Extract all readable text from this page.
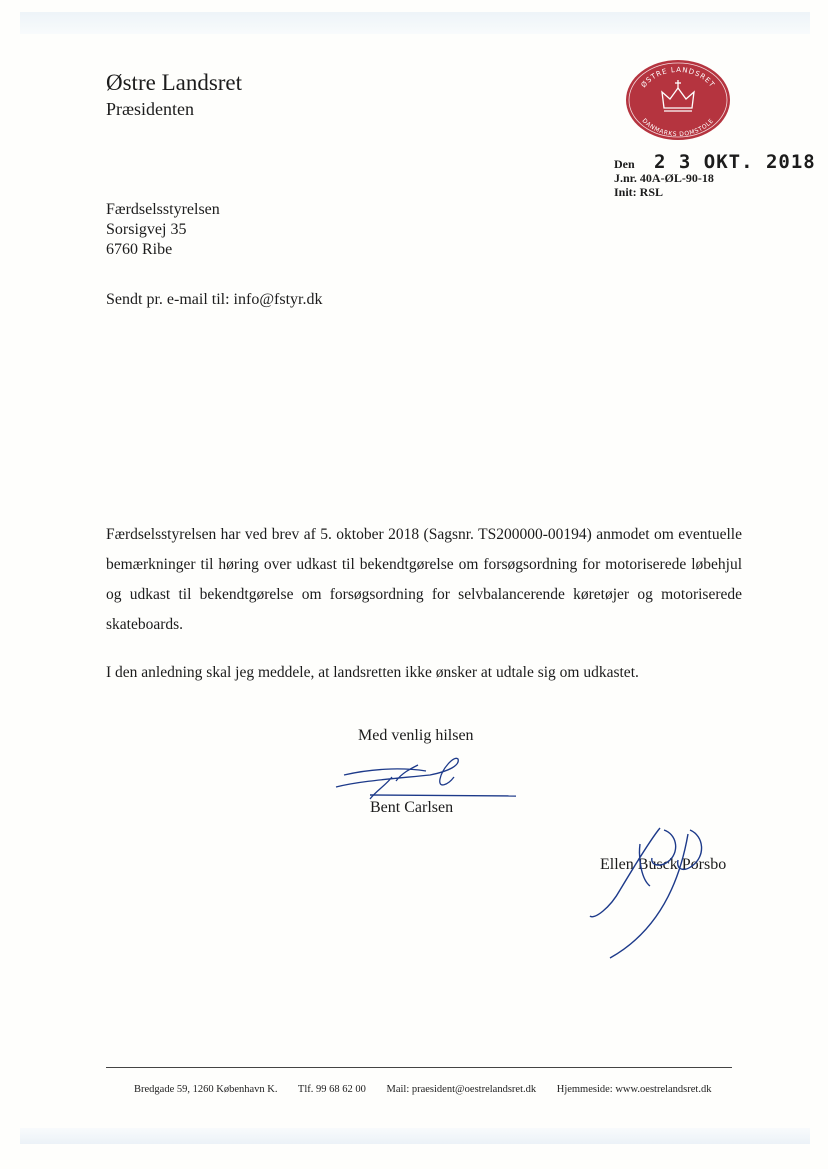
Østre Landsret
Præsidenten
ØSTRE LANDSRET
DANMARKS DOMSTOLE
Den 2 3 OKT. 2018
J.nr. 40A-ØL-90-18
Init: RSL
Færdselsstyrelsen
Sorsigvej 35
6760 Ribe
Sendt pr. e-mail til: info@fstyr.dk

Færdselsstyrelsen har ved brev af 5. oktober 2018 (Sagsnr. TS200000-00194) anmodet om eventuelle bemærkninger til høring over udkast til bekendtgørelse om forsøgsordning for motoriserede løbehjul og udkast til bekendtgørelse om forsøgsordning for selvbalancerende køretøjer og motoriserede skateboards.

I den anledning skal jeg meddele, at landsretten ikke ønsker at udtale sig om udkastet.

Med venlig hilsen
Bent Carlsen
Ellen Busck Porsbo
Bredgade 59, 1260 København K. Tlf. 99 68 62 00 Mail: praesident@oestrelandsret.dk Hjemmeside: www.oestrelandsret.dk
